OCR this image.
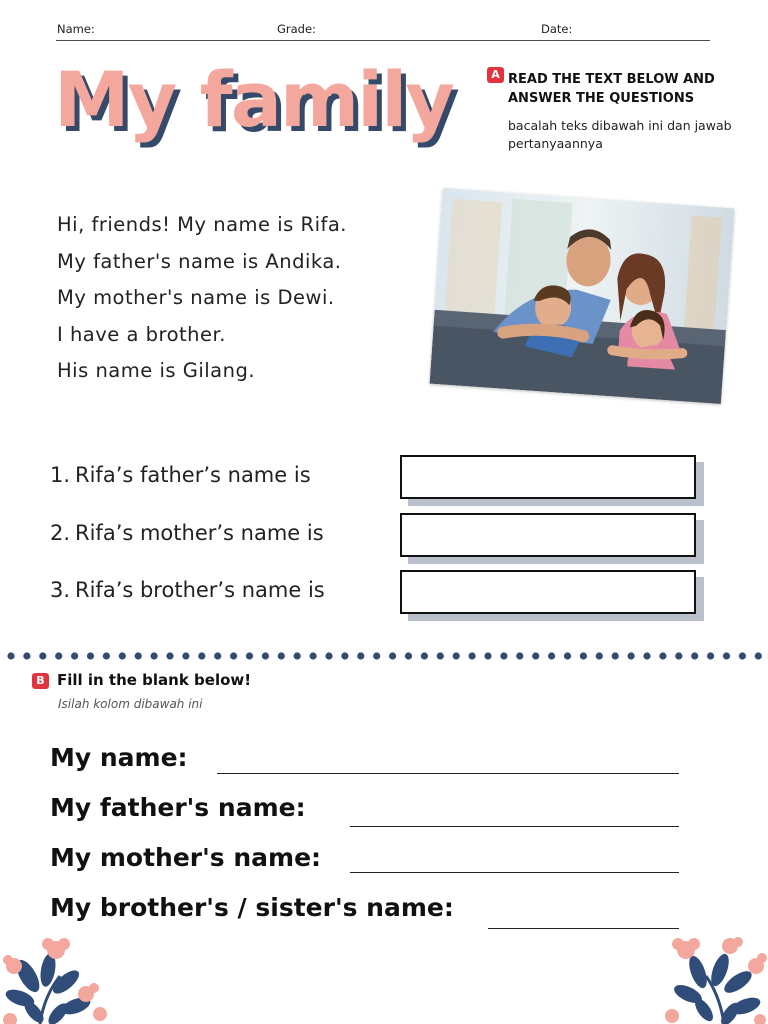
Name:	Grade:	Date:
My family	A READ THE TEXT BELOW AND ANSWER THE QUESTIONS
bacalah teks dibawah ini dan jawab pertanyaannya
Hi, friends! My name is Rifa.
My father's name is Andika.
My mother's name is Dewi.
I have a brother.
His name is Gilang.
1. Rifa’s father’s name is
2. Rifa’s mother’s name is
3. Rifa’s brother’s name is
B Fill in the blank below!
Isilah kolom dibawah ini
My name:
My father's name:
My mother's name:
My brother's / sister's name:
